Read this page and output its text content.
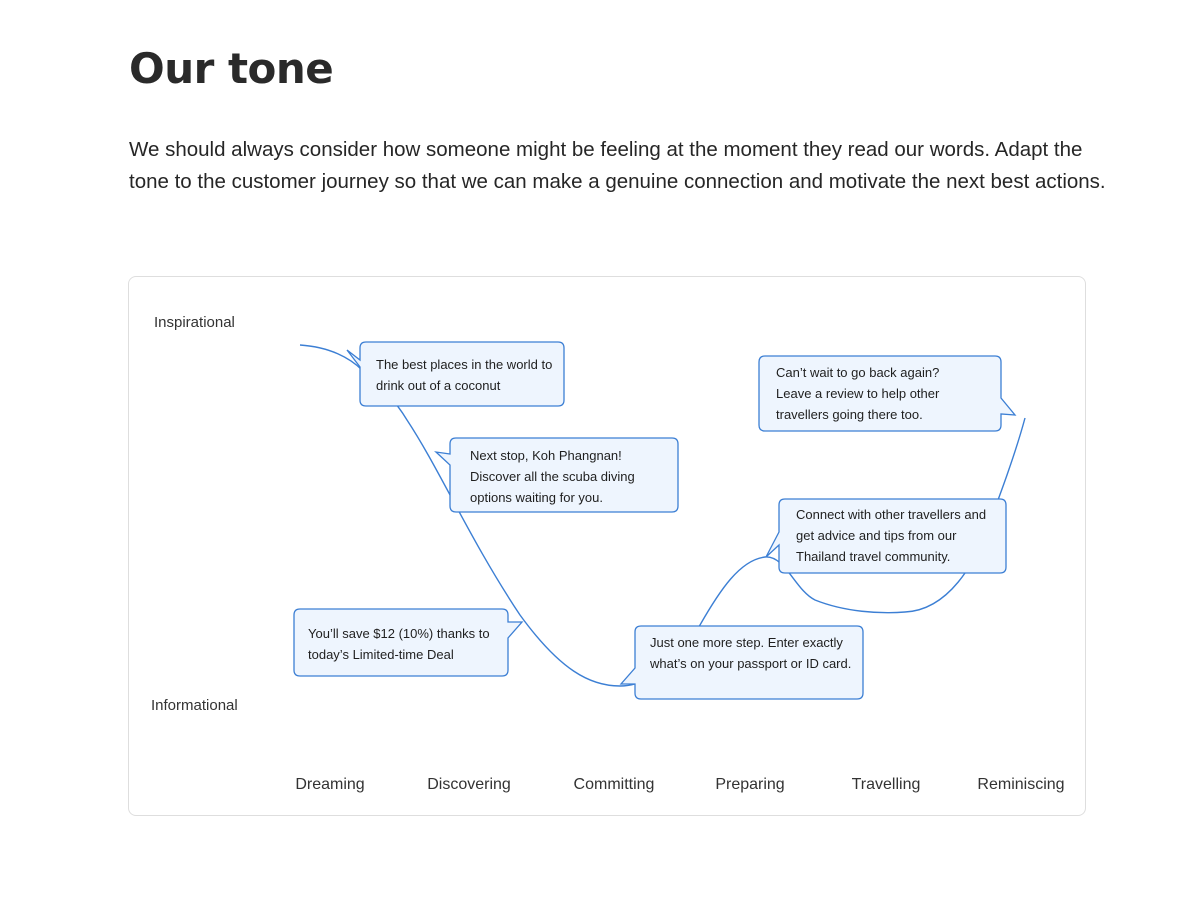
Our tone

We should always consider how someone might be feeling at the moment they read our words. Adapt the tone to the customer journey so that we can make a genuine connection and motivate the next best actions.

Inspirational
Informational

The best places in the world to drink out of a coconut

Next stop, Koh Phangnan! Discover all the scuba diving options waiting for you.

You’ll save $12 (10%) thanks to today’s Limited-time Deal

Just one more step. Enter exactly what’s on your passport or ID card.

Connect with other travellers and get advice and tips from our Thailand travel community.

Can’t wait to go back again? Leave a review to help other travellers going there too.

Dreaming	Discovering	Committing	Preparing	Travelling	Reminiscing
